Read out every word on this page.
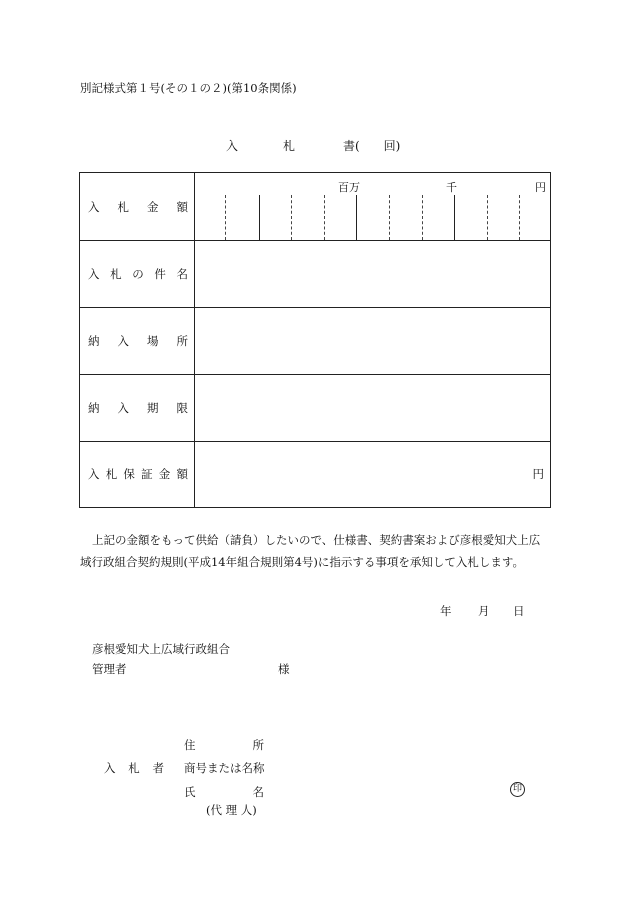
別記様式第１号(その１の２)(第10条関係)
入	札	書(　　回)
入 札 金 額
百万	千	円
入 札 の 件 名
納 入 場 所
納 入 期 限
入 札 保 証 金 額	円

上記の金額をもって供給（請負）したいので、仕様書、契約書案および彦根愛知犬上広

域行政組合契約規則(平成14年組合規則第4号)に指示する事項を承知して入札します。

年 月 日
彦根愛知犬上広域行政組合
管理者	様
住	所
入 札 者 商号または名称
氏	名
(代 理 人)
印
